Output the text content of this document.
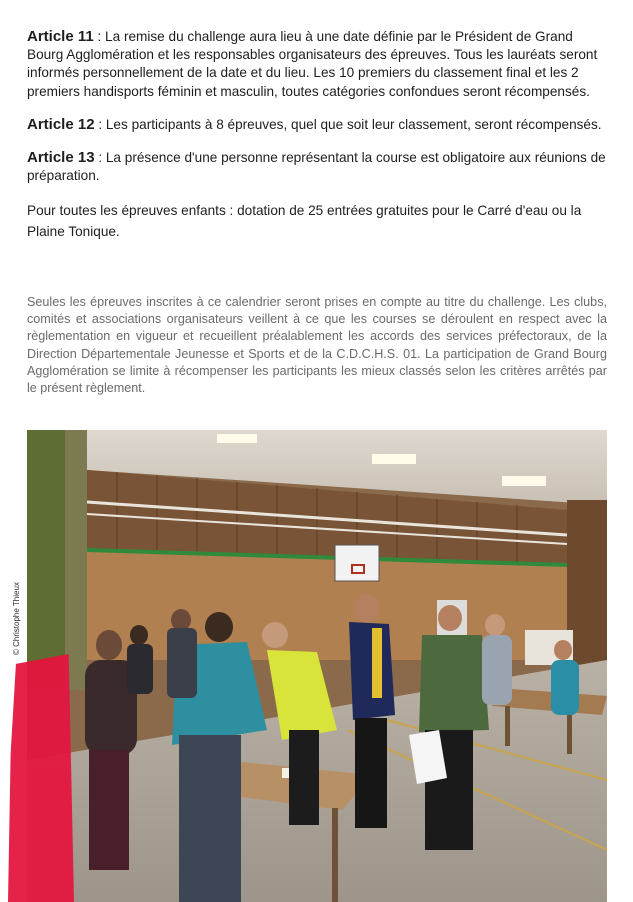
Article 11 : La remise du challenge aura lieu à une date définie par le Président de Grand Bourg Agglomération et les responsables organisateurs des épreuves. Tous les lauréats seront informés personnellement de la date et du lieu. Les 10 premiers du classement final et les 2 premiers handisports féminin et masculin, toutes catégories confondues seront récompensés.

Article 12 : Les participants à 8 épreuves, quel que soit leur classement, seront récompensés.

Article 13 : La présence d'une personne représentant la course est obligatoire aux réunions de préparation.

Pour toutes les épreuves enfants : dotation de 25 entrées gratuites pour le Carré d'eau ou la Plaine Tonique.

Seules les épreuves inscrites à ce calendrier seront prises en compte au titre du challenge. Les clubs, comités et associations organisateurs veillent à ce que les courses se déroulent en respect avec la règlementation en vigueur et recueillent préalablement les accords des services préfectoraux, de la Direction Départementale Jeunesse et Sports et de la C.D.C.H.S. 01. La participation de Grand Bourg Agglomération se limite à récompenser les participants les mieux classés selon les critères arrêtés par le présent règlement.

© Christophe Thieux
